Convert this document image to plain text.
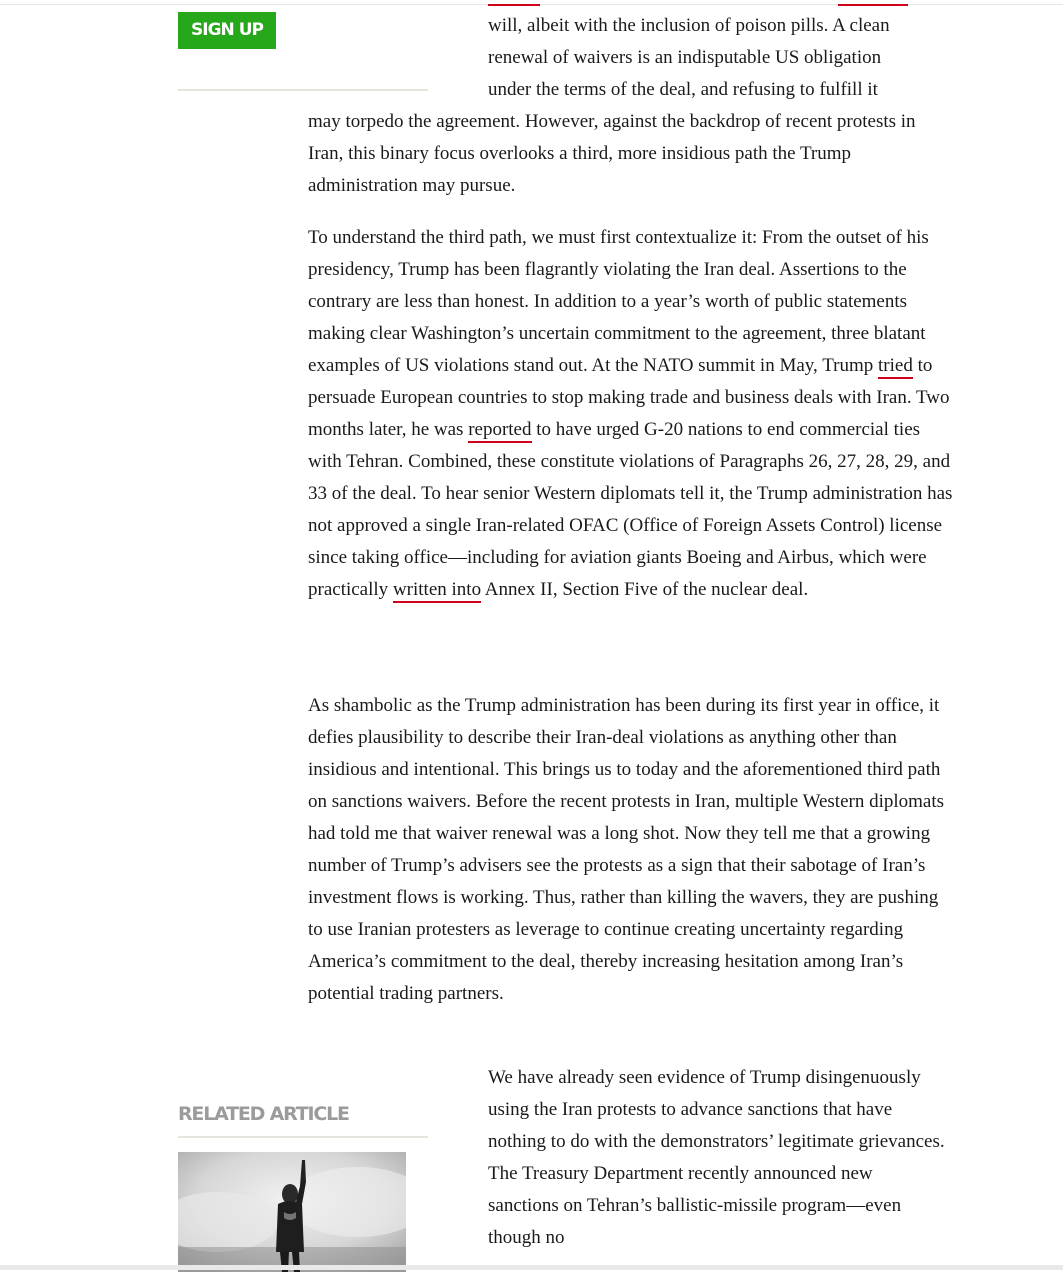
SIGN UP	will, albeit with the inclusion of poison pills. A clean
renewal of waivers is an indisputable US obligation
under the terms of the deal, and refusing to fulfill it
may torpedo the agreement. However, against the backdrop of recent protests in Iran, this binary focus overlooks a third, more insidious path the Trump administration may pursue.

To understand the third path, we must first contextualize it: From the outset of his presidency, Trump has been flagrantly violating the Iran deal. Assertions to the contrary are less than honest. In addition to a year’s worth of public statements making clear Washington’s uncertain commitment to the agreement, three blatant examples of US violations stand out. At the NATO summit in May, Trump tried to persuade European countries to stop making trade and business deals with Iran. Two months later, he was reported to have urged G-20 nations to end commercial ties with Tehran. Combined, these constitute violations of Paragraphs 26, 27, 28, 29, and 33 of the deal. To hear senior Western diplomats tell it, the Trump administration has not approved a single Iran-related OFAC (Office of Foreign Assets Control) license since taking office—including for aviation giants Boeing and Airbus, which were practically written into Annex II, Section Five of the nuclear deal.

As shambolic as the Trump administration has been during its first year in office, it defies plausibility to describe their Iran-deal violations as anything other than insidious and intentional. This brings us to today and the aforementioned third path on sanctions waivers. Before the recent protests in Iran, multiple Western diplomats had told me that waiver renewal was a long shot. Now they tell me that a growing number of Trump’s advisers see the protests as a sign that their sabotage of Iran’s investment flows is working. Thus, rather than killing the wavers, they are pushing to use Iranian protesters as leverage to continue creating uncertainty regarding America’s commitment to the deal, thereby increasing hesitation among Iran’s potential trading partners.

RELATED ARTICLE

We have already seen evidence of Trump disingenuously using the Iran protests to advance sanctions that have nothing to do with the demonstrators’ legitimate grievances. The Treasury Department recently announced new sanctions on Tehran’s ballistic-missile program—even though no
